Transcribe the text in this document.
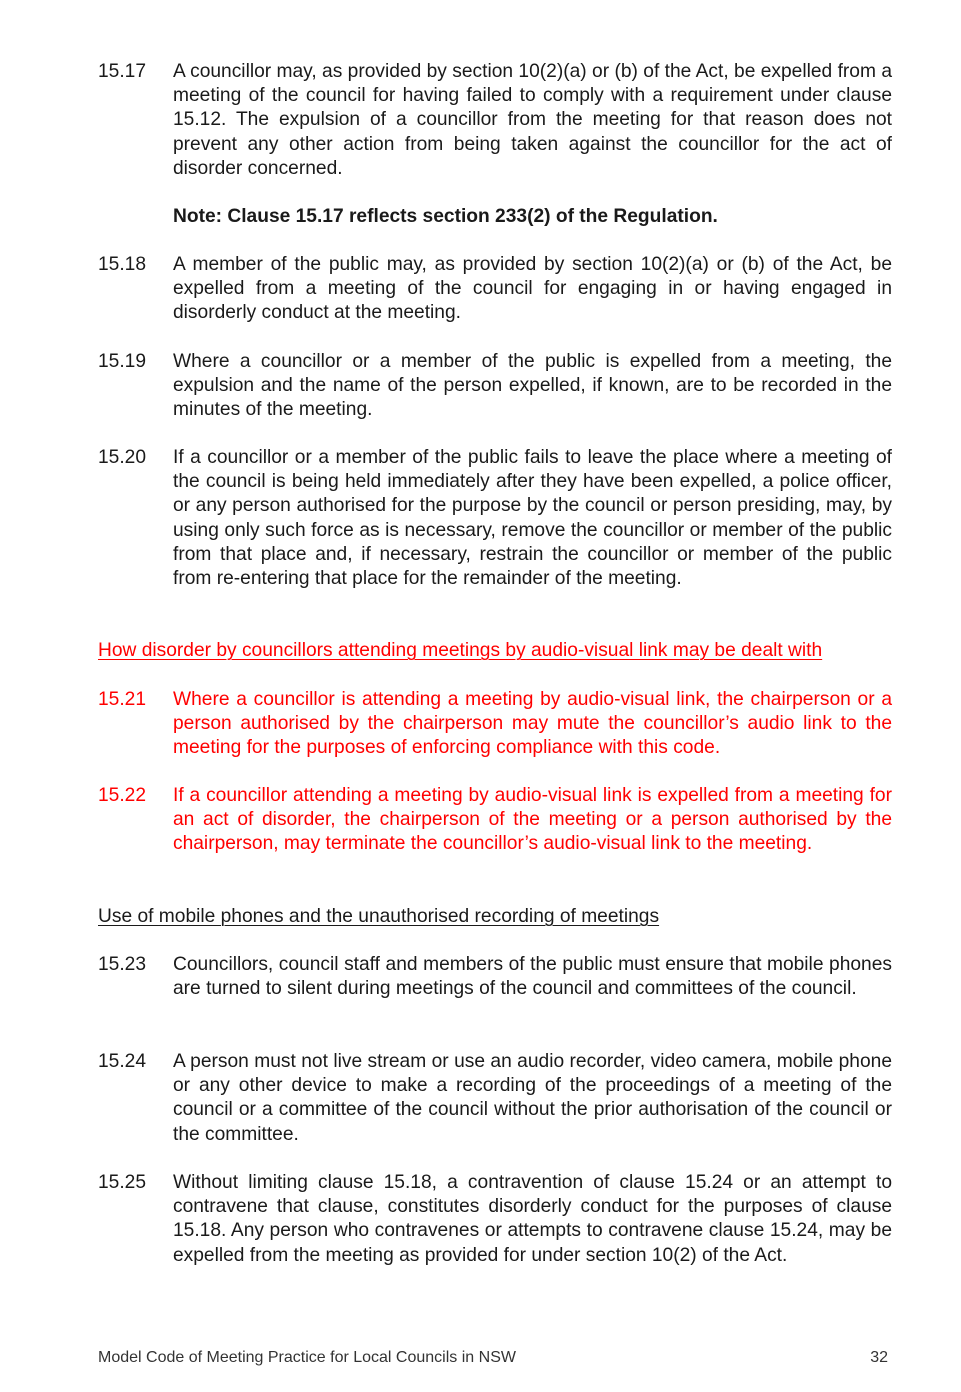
15.17	A councillor may, as provided by section 10(2)(a) or (b) of the Act, be expelled from a meeting of the council for having failed to comply with a requirement under clause 15.12. The expulsion of a councillor from the meeting for that reason does not prevent any other action from being taken against the councillor for the act of disorder concerned.
Note: Clause 15.17 reflects section 233(2) of the Regulation.
15.18	A member of the public may, as provided by section 10(2)(a) or (b) of the Act, be expelled from a meeting of the council for engaging in or having engaged in disorderly conduct at the meeting.
15.19	Where a councillor or a member of the public is expelled from a meeting, the expulsion and the name of the person expelled, if known, are to be recorded in the minutes of the meeting.
15.20	If a councillor or a member of the public fails to leave the place where a meeting of the council is being held immediately after they have been expelled, a police officer, or any person authorised for the purpose by the council or person presiding, may, by using only such force as is necessary, remove the councillor or member of the public from that place and, if necessary, restrain the councillor or member of the public from re-entering that place for the remainder of the meeting.
How disorder by councillors attending meetings by audio-visual link may be dealt with
15.21	Where a councillor is attending a meeting by audio-visual link, the chairperson or a person authorised by the chairperson may mute the councillor’s audio link to the meeting for the purposes of enforcing compliance with this code.
15.22	If a councillor attending a meeting by audio-visual link is expelled from a meeting for an act of disorder, the chairperson of the meeting or a person authorised by the chairperson, may terminate the councillor’s audio-visual link to the meeting.
Use of mobile phones and the unauthorised recording of meetings
15.23	Councillors, council staff and members of the public must ensure that mobile phones are turned to silent during meetings of the council and committees of the council.
15.24	A person must not live stream or use an audio recorder, video camera, mobile phone or any other device to make a recording of the proceedings of a meeting of the council or a committee of the council without the prior authorisation of the council or the committee.
15.25	Without limiting clause 15.18, a contravention of clause 15.24 or an attempt to contravene that clause, constitutes disorderly conduct for the purposes of clause 15.18. Any person who contravenes or attempts to contravene clause 15.24, may be expelled from the meeting as provided for under section 10(2) of the Act.
Model Code of Meeting Practice for Local Councils in NSW	32
